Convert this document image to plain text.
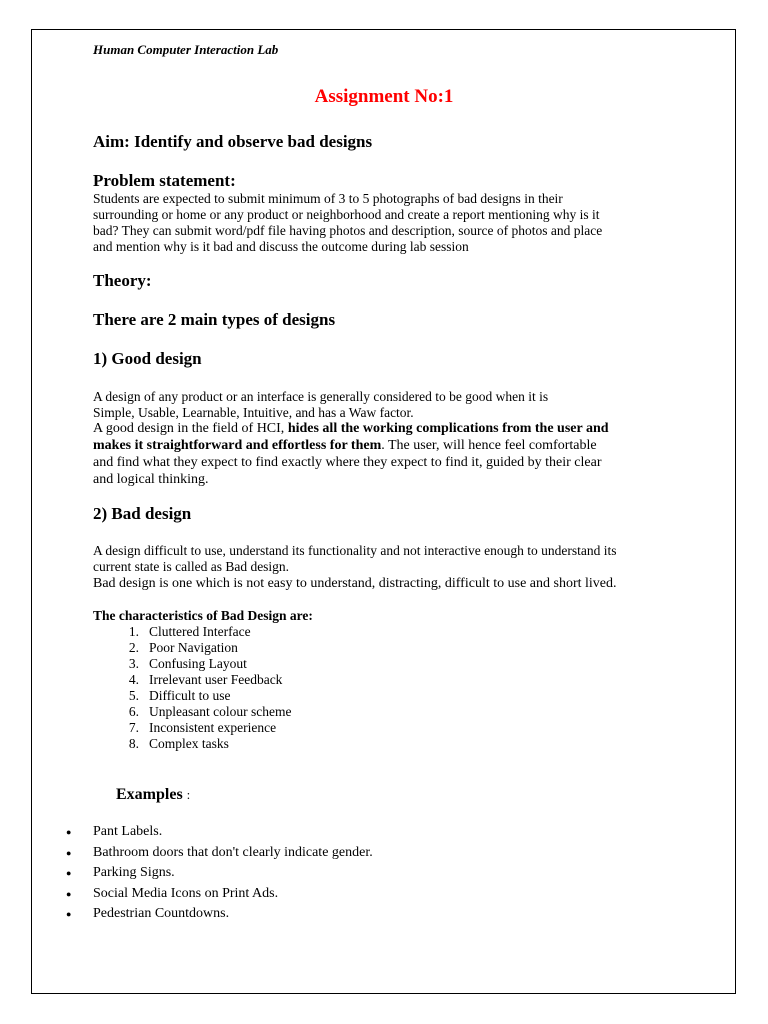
Human Computer Interaction Lab
Assignment No:1
Aim: Identify and observe bad designs
Problem statement:
Students are expected to submit minimum of 3 to 5 photographs of bad designs in their
surrounding or home or any product or neighborhood and create a report mentioning why is it
bad? They can submit word/pdf file having photos and description, source of photos and place
and mention why is it bad and discuss the outcome during lab session
Theory:
There are 2 main types of designs
1) Good design
A design of any product or an interface is generally considered to be good when it is
Simple, Usable, Learnable, Intuitive, and has a Waw factor.
A good design in the field of HCI, hides all the working complications from the user and
makes it straightforward and effortless for them. The user, will hence feel comfortable
and find what they expect to find exactly where they expect to find it, guided by their clear
and logical thinking.
2) Bad design
A design difficult to use, understand its functionality and not interactive enough to understand its
current state is called as Bad design.
Bad design is one which is not easy to understand, distracting, difficult to use and short lived.
The characteristics of Bad Design are:
1. Cluttered Interface
2. Poor Navigation
3. Confusing Layout
4. Irrelevant user Feedback
5. Difficult to use
6. Unpleasant colour scheme
7. Inconsistent experience
8. Complex tasks
Examples :
●	Pant Labels.
●	Bathroom doors that don't clearly indicate gender.
●	Parking Signs.
●	Social Media Icons on Print Ads.
●	Pedestrian Countdowns.
